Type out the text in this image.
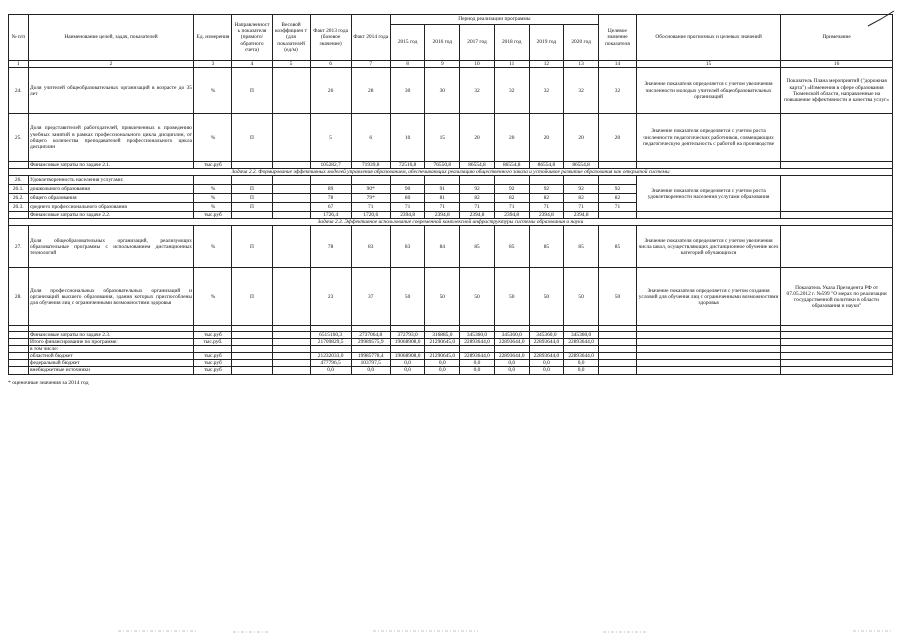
№ п/п	Наименование целей, задач, показателей	Ед. измерения	Направленност ь показателя (прямого/ обратного счета)	Весовой коэффициен т (для показателей (ед/м)	Факт 2013 года (базовое значение)	Факт 2014 года	Период реализации программы						Целевое значение показателя	Обоснование прогнозных и целевых значений	Примечание
							2015 год	2016 год	2017 год	2018 год	2019 год	2020 год			
1	2	3	4	5	6	7	8	9	10	11	12	13	14	15	16
24.	Доля учителей общеобразовательных организаций в возрасте до 35 лет	%	П		26	28	30	30	32	32	32	32	32	Значение показателя определяется с учетом увеличения численности молодых учителей общеобразовательных организаций	Показатель Плана мероприятий ("дорожная карта") «Изменения в сфере образования Тюменской области, направленные на повышение эффективности и качества услуг»
25.	Доля представителей работодателей, привлеченных к проведению учебных занятий в рамках профессионального цикла дисциплин, от общего количества преподавателей профессионального цикла дисциплин	%	П		5	6	10	15	20	20	20	20	20	Значение показателя определяется с учетом роста численности педагогических работников, совмещающих педагогическую деятельность с работой на производстве	
	Финансовые затраты по задаче 2.1.	тыс.руб			105282,7	71939,8	72516,8	76550,8	86554,8	86554,8	86554,8	86554,8			
Задача 2.2. Формирование эффективных моделей управления образованием, обеспечивающих реализацию общественного заказа и устойчивое развитие образования как открытой системы															
26.	Удовлетворенность населения услугами:													Значение показателя определяется с учетом роста удовлетворенности населения услугами образования	
26.1.	дошкольного образования	%	П		89	90*	90	91	92	92	92	92	92		
26.2.	общего образования	%	П		78	79*	80	81	82	82	82	82	82		
26.3.	среднего профессионального образования	%	П		67	71	71	71	71	71	71	71	71		
	Финансовые затраты по задаче 2.2.	тыс.руб			1726,4	1720,6	2394,8	2394,8	2394,8	2394,8	2394,8	2394,8			
Задача 2.3. Эффективное использование современной комплексной инфраструктуры системы образования и науки															
27.	Доля общеобразовательных организаций, реализующих образовательные программы с использованием дистанционных технологий	%	П		78	83	83	84	85	85	85	85	85	Значение показателя определяется с учетом увеличения числа школ, осуществляющих дистанционное обучение всех категорий обучающихся	
28.	Доля профессиональных образовательных организаций и организаций высшего образования, здания которых приспособлены для обучения лиц с ограниченными возможностями здоровья	%	П		23	37	50	50	50	50	50	50	50	Значение показателя определяется с учетом создания условий для обучения лиц с ограниченными возможностями здоровья	Показатель Указа Президента РФ от 07.05.2012 г. №599 "О мерах по реализации государственной политики в области образования и науки"

	Финансовые затраты по задаче 2.3.	тыс.руб			6515160,3	2737064,8	372793,0	316885,0	345360,0	345360,0	345360,0	345360,0			
	Итого финансирование по программе:	тыс.руб.			21709829,5	29989575,9	19068908,0	21290645,0	22893644,0	22893644,0	22893644,0	22893644,0			
	в том числе:														
	областной бюджет	тыс.руб			21232033,0	19985778,4	19068908,0	21290645,0	22893644,0	22893644,0	22893644,0	22893644,0			
	федеральный бюджет	тыс.руб			477796,5	103797,5	0,0	0,0	0,0	0,0	0,0	0,0			
	внебюджетные источники	тыс.руб			0,0	0,0	0,0	0,0	0,0	0,0	0,0	0,0			
* оценочные значения за 2014 год
